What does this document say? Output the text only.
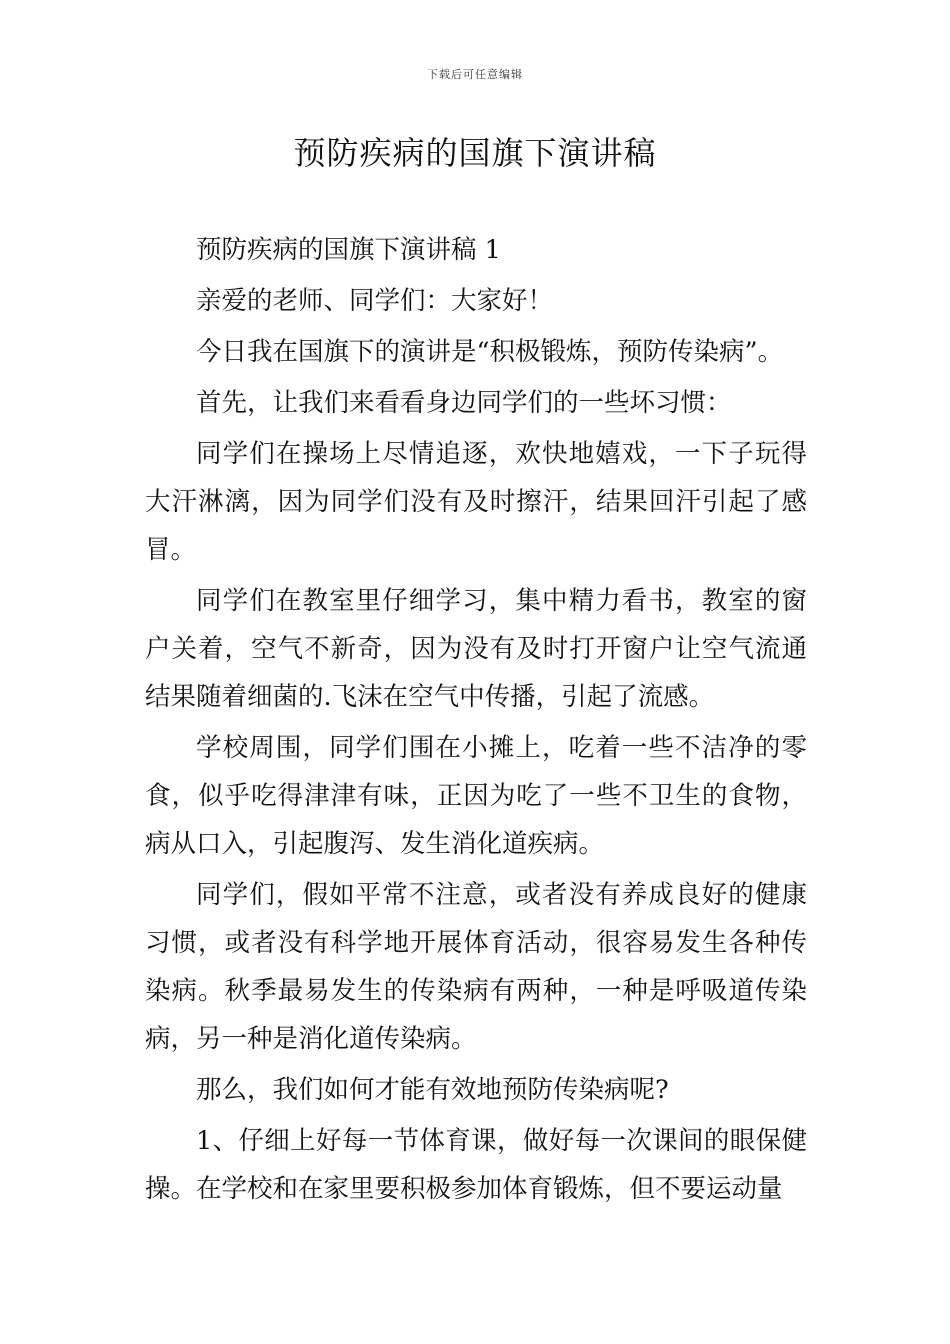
下载后可任意编辑
预防疾病的国旗下演讲稿

预防疾病的国旗下演讲稿 1

亲爱的老师、同学们：大家好！

今日我在国旗下的演讲是“积极锻炼，预防传染病”。

首先，让我们来看看身边同学们的一些坏习惯：

同学们在操场上尽情追逐，欢快地嬉戏，一下子玩得大汗淋漓，因为同学们没有及时擦汗，结果回汗引起了感冒。

同学们在教室里仔细学习，集中精力看书，教室的窗户关着，空气不新奇，因为没有及时打开窗户让空气流通结果随着细菌的.飞沫在空气中传播，引起了流感。

学校周围，同学们围在小摊上，吃着一些不洁净的零食，似乎吃得津津有味，正因为吃了一些不卫生的食物，病从口入，引起腹泻、发生消化道疾病。

同学们，假如平常不注意，或者没有养成良好的健康习惯，或者没有科学地开展体育活动，很容易发生各种传染病。秋季最易发生的传染病有两种，一种是呼吸道传染病，另一种是消化道传染病。

那么，我们如何才能有效地预防传染病呢?

1、仔细上好每一节体育课，做好每一次课间的眼保健操。在学校和在家里要积极参加体育锻炼，但不要运动量
